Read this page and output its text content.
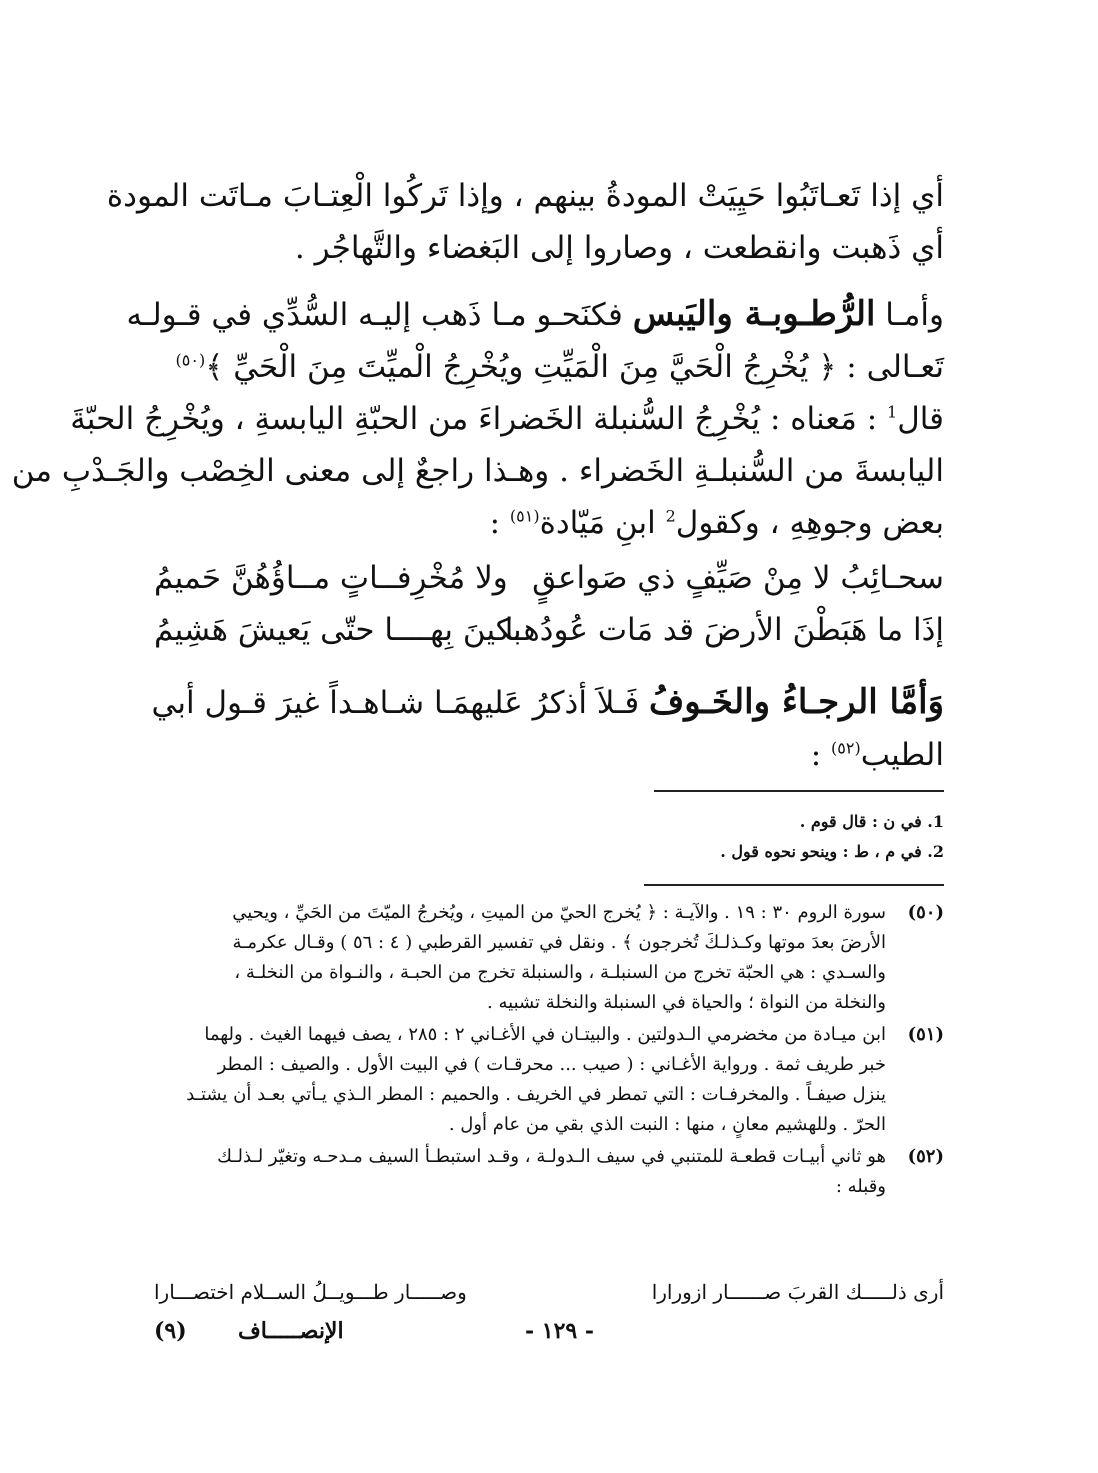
أي إذا تَعـاتَبُوا حَيِيَتْ المودةُ بينهم ، وإذا تَركُوا الْعِتـابَ مـاتَت المودة
أي ذَهبت وانقطعت ، وصاروا إلى البَغضاء والتَّهاجُر .

وأمـا الرُّطـوبـة واليَبس فكنَحـو مـا ذَهب إليـه السُّدِّي في قـولـه
تَعـالى : ﴿ يُخْرِجُ الْحَيَّ مِنَ الْمَيِّتِ ويُخْرِجُ الْميِّتَ مِنَ الْحَيِّ ﴾$^{(٥٠)}$
قال$^1$ : مَعناه : يُخْرِجُ السُّنبلة الخَضراءَ من الحبّةِ اليابسةِ ، ويُخْرِجُ الحبّةَ
اليابسةَ من السُّنبلـةِ الخَضراء . وهـذا راجعٌ إلى معنى الخِصْب والجَـدْبِ من
بعض وجوهِهِ ، وكقول$^2$ ابنِ مَيّادة$^{(٥١)}$ :

سحـائِبُ لا مِنْ صَيِّفٍ ذي صَواعقٍ
ولا مُخْرِفــاتٍ مــاؤُهُنَّ حَميمُ
إذَا ما هَبَطْنَ الأرضَ قد مَات عُودُهـا
بكينَ بِهــــا حتّى يَعيشَ هَشِيمُ

وَأمَّا الرجـاءُ والخَـوفُ فَـلاَ أذكرُ عَليهمَـا شـاهـداً غيرَ قـول أبي
الطيب$^{(٥٢)}$ :

1. في ن : قال قوم .
2. في م ، ط : وينحو نحوه قول .
(٥٠)
سورة الروم ٣٠ : ١٩ . والآيـة : ﴿ يُخرج الحيّ من الميتِ ، ويُخرجُ الميّتَ من الحَيِّ ، ويحيي
الأرضَ بعدَ موتها وكـذلـكَ تُخرجون ﴾ . ونقل في تفسير القرطبي ( ٤ : ٥٦ ) وقـال عكرمـة
والسـدي : هي الحبّة تخرج من السنبلـة ، والسنبلة تخرج من الحبـة ، والنـواة من النخلـة ،
والنخلة من النواة ؛ والحياة في السنبلة والنخلة تشبيه .
(٥١)
ابن ميـادة من مخضرمي الـدولتين . والبيتـان في الأغـاني ٢ : ٢٨٥ ، يصف فيهما الغيث . ولهما
خبر طريف ثمة . ورواية الأغـاني : ( صيب ... محرقـات ) في البيت الأول . والصيف : المطر
ينزل صيفـاً . والمخرفـات : التي تمطر في الخريف . والحميم : المطر الـذي يـأتي بعـد أن يشتـد
الحرّ . وللهشيم معانٍ ، منها : النبت الذي بقي من عام أول .
(٥٢)
هو ثاني أبيـات قطعـة للمتنبي في سيف الـدولـة ، وقـد استبطـأ السيف مـدحـه وتغيّر لـذلـك
وقبله :
أرى ذلـــــك القربَ صــــــار ازورارا
وصـــــار طـــويــلُ الســلام اختصـــارا
(٩) الإنصـــــاف	- ١٢٩ -
